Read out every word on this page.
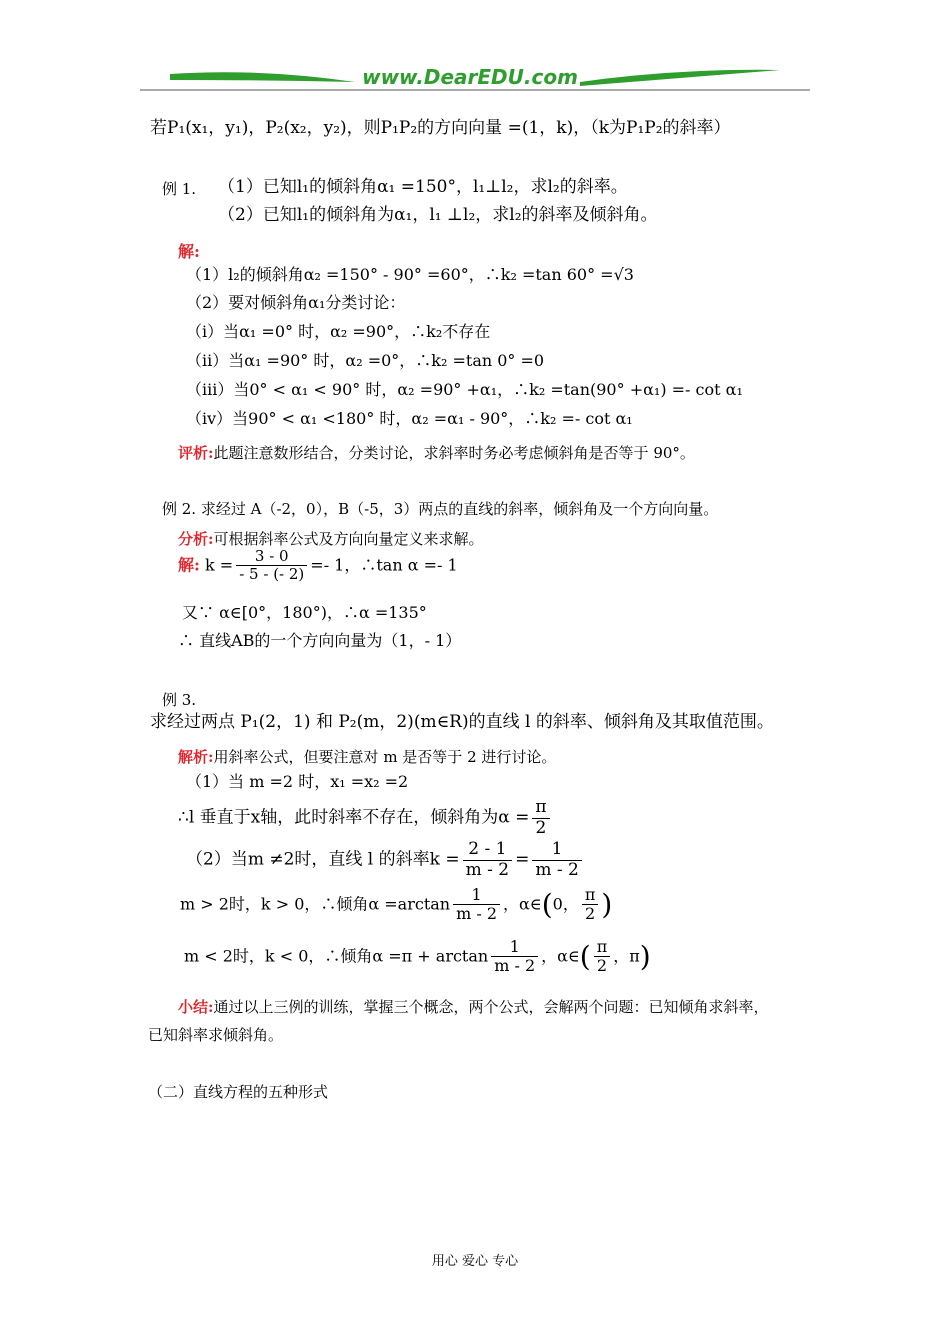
www.DearEDU.com
若P₁(x₁，y₁)，P₂(x₂，y₂)，则P₁P₂的方向向量 =(1，k)，（k为P₁P₂的斜率）
例 1. （1）已知l₁的倾斜角α₁ =150°，l₁⊥l₂，求l₂的斜率。
（2）已知l₁的倾斜角为α₁，l₁ ⊥l₂，求l₂的斜率及倾斜角。
解:
（1）l₂的倾斜角α₂ =150° - 90° =60°，∴k₂ =tan 60° =√3
（2）要对倾斜角α₁分类讨论：
（i）当α₁ =0° 时，α₂ =90°，∴k₂不存在
（ii）当α₁ =90° 时，α₂ =0°，∴k₂ =tan 0° =0
（iii）当0° < α₁ < 90° 时，α₂ =90° +α₁，∴k₂ =tan(90° +α₁) =- cot α₁
（iv）当90° < α₁ <180° 时，α₂ =α₁ - 90°，∴k₂ =- cot α₁
评析:此题注意数形结合，分类讨论，求斜率时务必考虑倾斜角是否等于 90°。
例 2. 求经过 A（-2，0），B（-5，3）两点的直线的斜率，倾斜角及一个方向向量。
分析:可根据斜率公式及方向向量定义来求解。
解: $k = \frac{3 - 0}{- 5 - (- 2)} =- 1$，∴tan α =- 1
又∵ α∈[0°，180°)，∴α =135°
∴ 直线AB的一个方向向量为（1，- 1）
例 3.
求经过两点 P₁(2，1) 和 P₂(m，2)(m∈R)的直线 l 的斜率、倾斜角及其取值范围。
解析:用斜率公式，但要注意对 m 是否等于 2 进行讨论。
（1）当 m =2 时，x₁ =x₂ =2
∴l 垂直于x轴，此时斜率不存在，倾斜角为$\alpha = \frac{\pi}{2}$
（2）当m ≠2时，直线 l 的斜率$k = \frac{2 - 1}{m - 2} = \frac{1}{m - 2}$
m > 2时，k > 0，∴倾角$\alpha =\arctan \frac{1}{m - 2}$ ，α∈(0， $\frac{\pi}{2}$ )
m < 2时，k < 0，∴倾角$\alpha =\pi + \arctan \frac{1}{m - 2}$ ，α∈( $\frac{\pi}{2}$ ，π)
小结:通过以上三例的训练，掌握三个概念，两个公式，会解两个问题：已知倾角求斜率，
已知斜率求倾斜角。
（二）直线方程的五种形式
用心 爱心 专心
